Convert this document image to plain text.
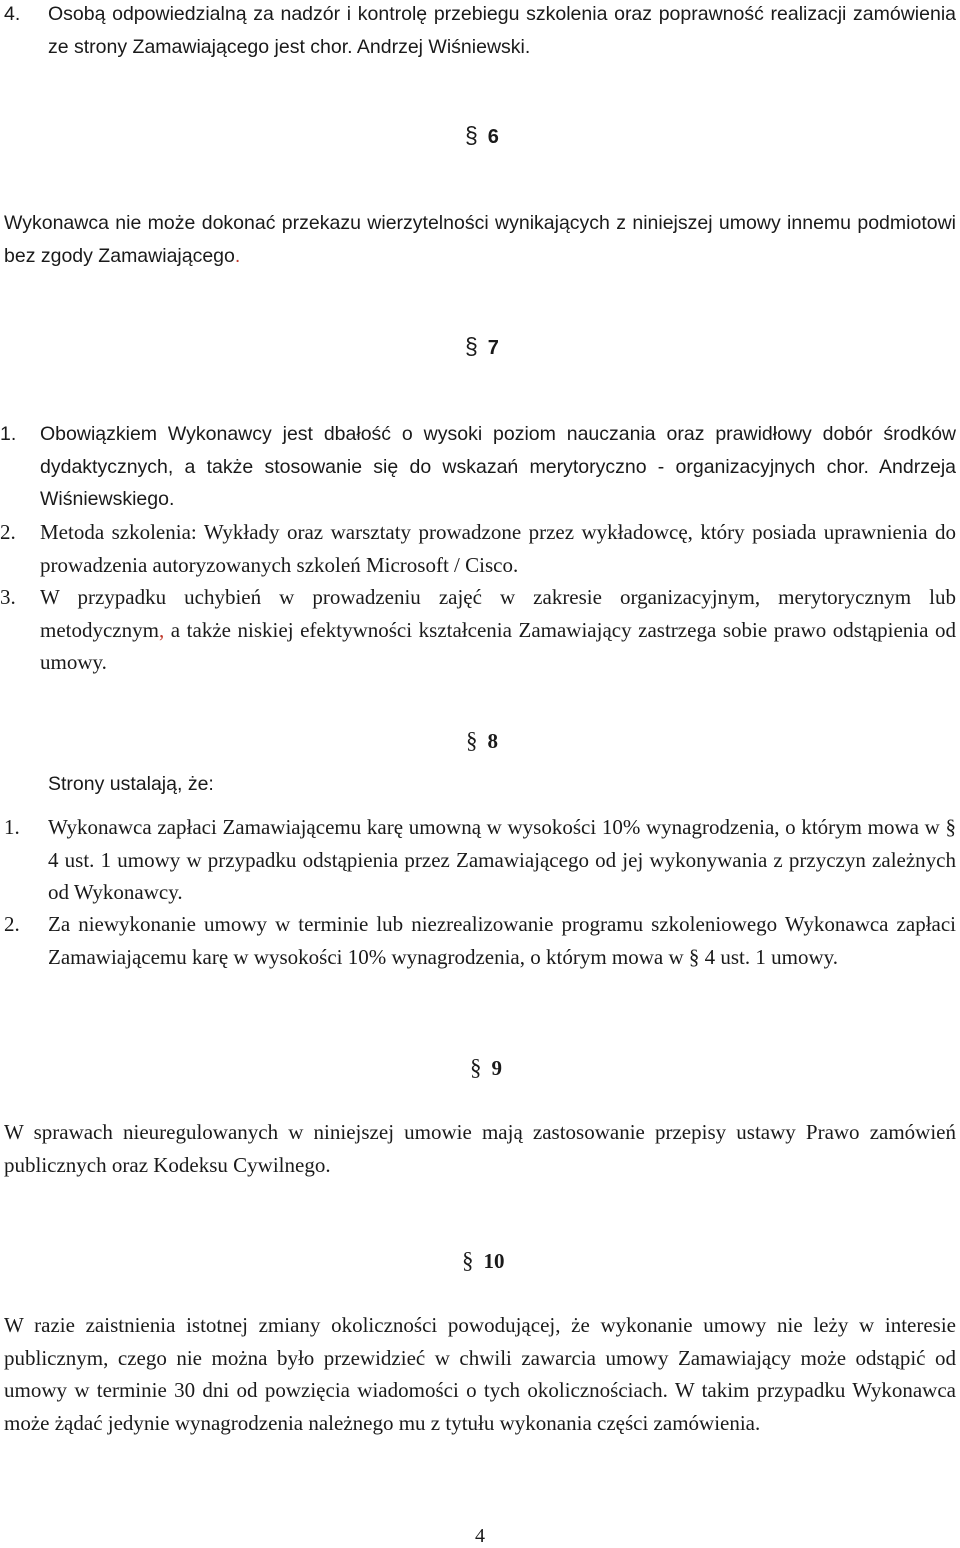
4. Osobą odpowiedzialną za nadzór i kontrolę przebiegu szkolenia oraz poprawność realizacji zamówienia ze strony Zamawiającego jest chor. Andrzej Wiśniewski.
§ 6
Wykonawca nie może dokonać przekazu wierzytelności wynikających z niniejszej umowy innemu podmiotowi bez zgody Zamawiającego.
§ 7
1. Obowiązkiem Wykonawcy jest dbałość o wysoki poziom nauczania oraz prawidłowy dobór środków dydaktycznych, a także stosowanie się do wskazań merytoryczno - organizacyjnych chor. Andrzeja Wiśniewskiego.
2. Metoda szkolenia: Wykłady oraz warsztaty prowadzone przez wykładowcę, który posiada uprawnienia do prowadzenia autoryzowanych szkoleń Microsoft / Cisco.
3. W przypadku uchybień w prowadzeniu zajęć w zakresie organizacyjnym, merytorycznym lub metodycznym, a także niskiej efektywności kształcenia Zamawiający zastrzega sobie prawo odstąpienia od umowy.
§ 8
Strony ustalają, że:
1. Wykonawca zapłaci Zamawiającemu karę umowną w wysokości 10% wynagrodzenia, o którym mowa w § 4 ust. 1 umowy w przypadku odstąpienia przez Zamawiającego od jej wykonywania z przyczyn zależnych od Wykonawcy.
2. Za niewykonanie umowy w terminie lub niezrealizowanie programu szkoleniowego Wykonawca zapłaci Zamawiającemu karę w wysokości 10% wynagrodzenia, o którym mowa w § 4 ust. 1 umowy.
§ 9
W sprawach nieuregulowanych w niniejszej umowie mają zastosowanie przepisy ustawy Prawo zamówień publicznych oraz Kodeksu Cywilnego.
§ 10
W razie zaistnienia istotnej zmiany okoliczności powodującej, że wykonanie umowy nie leży w interesie publicznym, czego nie można było przewidzieć w chwili zawarcia umowy Zamawiający może odstąpić od umowy w terminie 30 dni od powzięcia wiadomości o tych okolicznościach. W takim przypadku Wykonawca może żądać jedynie wynagrodzenia należnego mu z tytułu wykonania części zamówienia.
4
